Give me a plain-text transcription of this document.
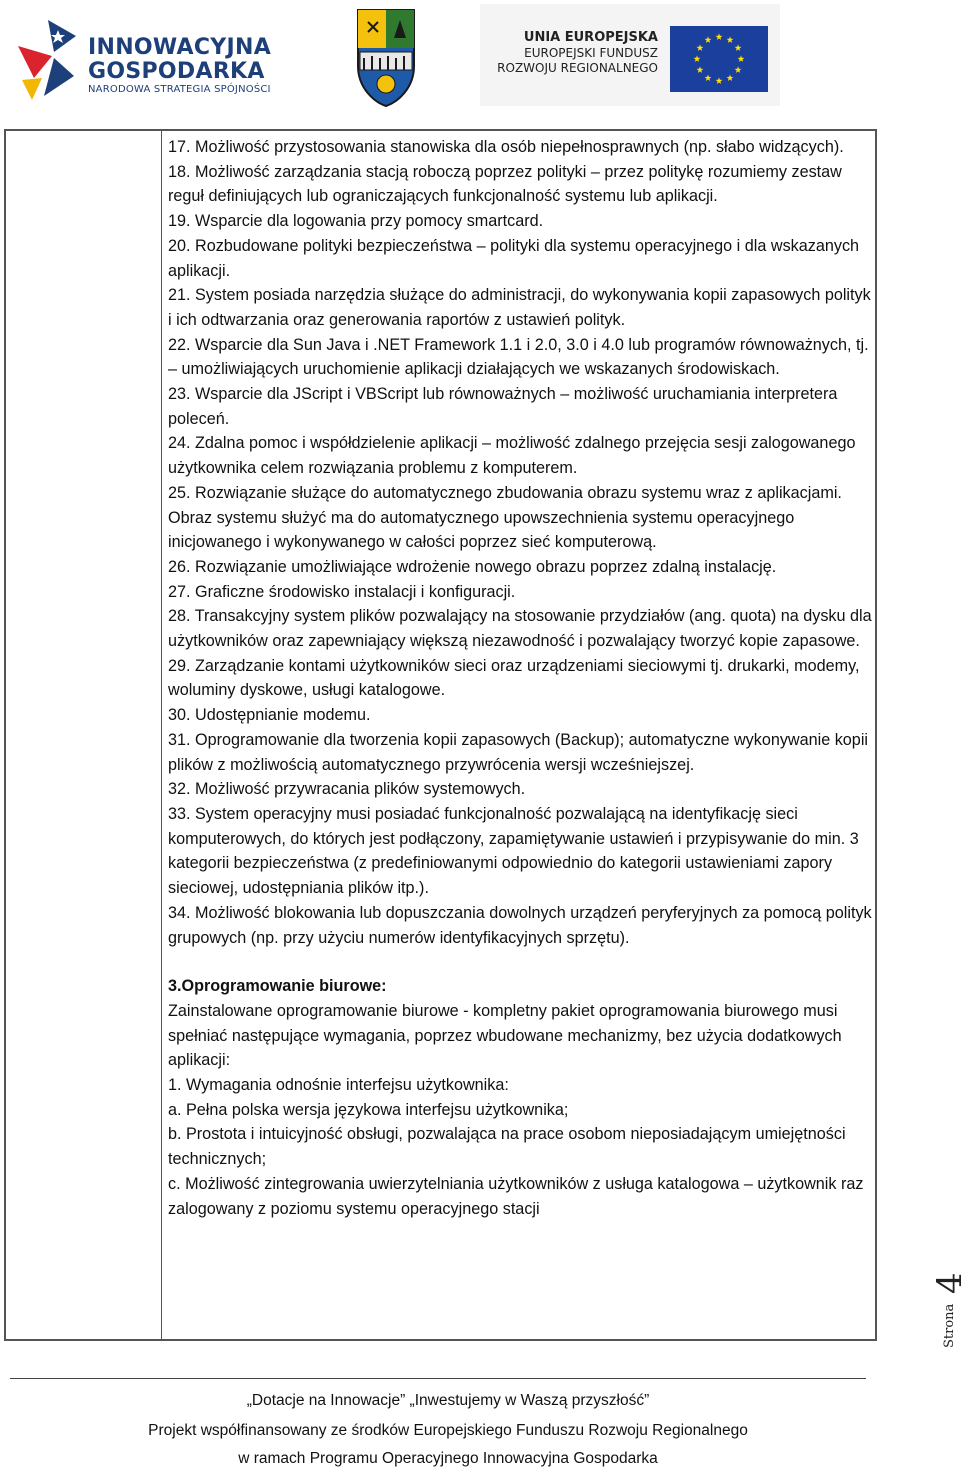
INNOWACYJNA
GOSPODARKA
NARODOWA STRATEGIA SPÓJNOŚCI
UNIA EUROPEJSKA
EUROPEJSKI FUNDUSZ
ROZWOJU REGIONALNEGO

17. Możliwość przystosowania stanowiska dla osób niepełnosprawnych (np. słabo widzących).

18. Możliwość zarządzania stacją roboczą poprzez polityki – przez politykę rozumiemy zestaw reguł definiujących lub ograniczających funkcjonalność systemu lub aplikacji.

19. Wsparcie dla logowania przy pomocy smartcard.

20. Rozbudowane polityki bezpieczeństwa – polityki dla systemu operacyjnego i dla wskazanych aplikacji.

21. System posiada narzędzia służące do administracji, do wykonywania kopii zapasowych polityk i ich odtwarzania oraz generowania raportów z ustawień polityk.

22. Wsparcie dla Sun Java i .NET Framework 1.1 i 2.0, 3.0 i 4.0 lub programów równoważnych, tj. – umożliwiających uruchomienie aplikacji działających we wskazanych środowiskach.

23. Wsparcie dla JScript i VBScript lub równoważnych – możliwość uruchamiania interpretera poleceń.

24. Zdalna pomoc i współdzielenie aplikacji – możliwość zdalnego przejęcia sesji zalogowanego użytkownika celem rozwiązania problemu z komputerem.

25. Rozwiązanie służące do automatycznego zbudowania obrazu systemu wraz z aplikacjami. Obraz systemu służyć ma do automatycznego upowszechnienia systemu operacyjnego inicjowanego i wykonywanego w całości poprzez sieć komputerową.

26. Rozwiązanie umożliwiające wdrożenie nowego obrazu poprzez zdalną instalację.

27. Graficzne środowisko instalacji i konfiguracji.

28. Transakcyjny system plików pozwalający na stosowanie przydziałów (ang. quota) na dysku dla użytkowników oraz zapewniający większą niezawodność i pozwalający tworzyć kopie zapasowe.

29. Zarządzanie kontami użytkowników sieci oraz urządzeniami sieciowymi tj. drukarki, modemy, woluminy dyskowe, usługi katalogowe.

30. Udostępnianie modemu.

31. Oprogramowanie dla tworzenia kopii zapasowych (Backup); automatyczne wykonywanie kopii plików z możliwością automatycznego przywrócenia wersji wcześniejszej.

32. Możliwość przywracania plików systemowych.

33. System operacyjny musi posiadać funkcjonalność pozwalającą na identyfikację sieci komputerowych, do których jest podłączony, zapamiętywanie ustawień i przypisywanie do min. 3 kategorii bezpieczeństwa (z predefiniowanymi odpowiednio do kategorii ustawieniami zapory sieciowej, udostępniania plików itp.).

34. Możliwość blokowania lub dopuszczania dowolnych urządzeń peryferyjnych za pomocą polityk grupowych (np. przy użyciu numerów identyfikacyjnych sprzętu).

3.Oprogramowanie biurowe:

Zainstalowane oprogramowanie biurowe - kompletny pakiet oprogramowania biurowego musi spełniać następujące wymagania, poprzez wbudowane mechanizmy, bez użycia dodatkowych aplikacji:

1. Wymagania odnośnie interfejsu użytkownika:

a. Pełna polska wersja językowa interfejsu użytkownika;

b. Prostota i intuicyjność obsługi, pozwalająca na prace osobom nieposiadającym umiejętności technicznych;

c. Możliwość zintegrowania uwierzytelniania użytkowników z usługa katalogowa – użytkownik raz zalogowany z poziomu systemu operacyjnego stacji

Strona
4
„Dotacje na Innowacje” „Inwestujemy w Waszą przyszłość”
Projekt współfinansowany ze środków Europejskiego Funduszu Rozwoju Regionalnego
w ramach Programu Operacyjnego Innowacyjna Gospodarka
